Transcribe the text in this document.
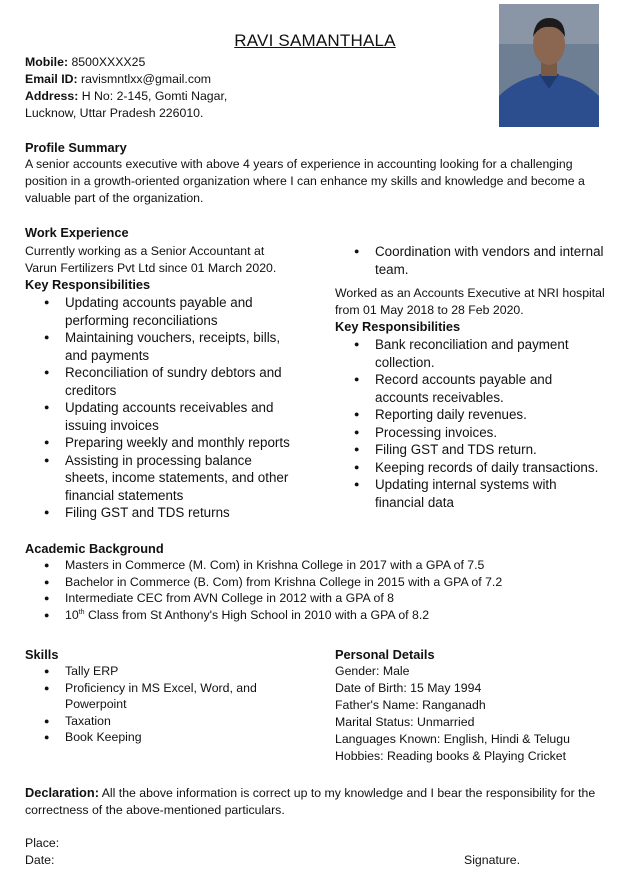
RAVI SAMANTHALA
Mobile: 8500XXXX25
Email ID: ravismntlxx@gmail.com
Address: H No: 2-145, Gomti Nagar,
Lucknow, Uttar Pradesh 226010.
Profile Summary
A senior accounts executive with above 4 years of experience in accounting looking for a challenging
position in a growth-oriented organization where I can enhance my skills and knowledge and become a
valuable part of the organization.
Work Experience
Currently working as a Senior Accountant at
Varun Fertilizers Pvt Ltd since 01 March 2020.
Key Responsibilities
● Updating accounts payable and
performing reconciliations
● Maintaining vouchers, receipts, bills,
and payments
● Reconciliation of sundry debtors and
creditors
● Updating accounts receivables and
issuing invoices
● Preparing weekly and monthly reports
● Assisting in processing balance
sheets, income statements, and other
financial statements
● Filing GST and TDS returns
● Coordination with vendors and internal
team.
Worked as an Accounts Executive at NRI hospital
from 01 May 2018 to 28 Feb 2020.
Key Responsibilities
● Bank reconciliation and payment
collection.
● Record accounts payable and
accounts receivables.
● Reporting daily revenues.
● Processing invoices.
● Filing GST and TDS return.
● Keeping records of daily transactions.
● Updating internal systems with
financial data
Academic Background
● Masters in Commerce (M. Com) in Krishna College in 2017 with a GPA of 7.5
● Bachelor in Commerce (B. Com) from Krishna College in 2015 with a GPA of 7.2
● Intermediate CEC from AVN College in 2012 with a GPA of 8
● 10th Class from St Anthony's High School in 2010 with a GPA of 8.2
Skills
● Tally ERP
● Proficiency in MS Excel, Word, and
Powerpoint
● Taxation
● Book Keeping
Personal Details
Gender: Male
Date of Birth: 15 May 1994
Father's Name: Ranganadh
Marital Status: Unmarried
Languages Known: English, Hindi & Telugu
Hobbies: Reading books & Playing Cricket
Declaration: All the above information is correct up to my knowledge and I bear the responsibility for the
correctness of the above-mentioned particulars.
Place:
Date:	Signature.
